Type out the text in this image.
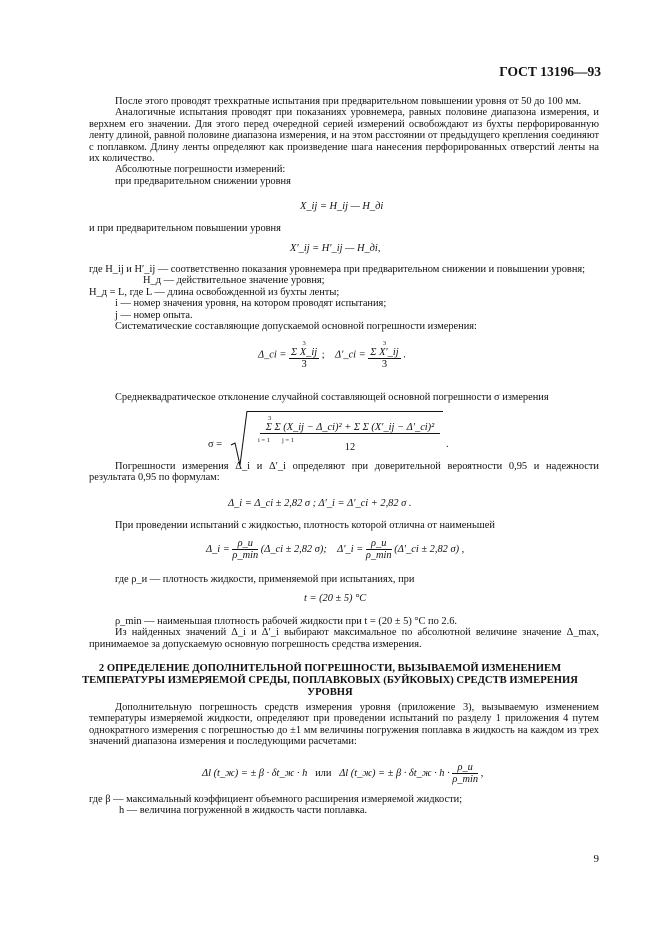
ГОСТ 13196—93

После этого проводят трехкратные испытания при предварительном повышении уровня от 50 до 100 мм.

Аналогичные испытания проводят при показаниях уровнемера, равных половине диапазона измерения, и верхнем его значении. Для этого перед очередной серией измерений освобождают из бухты перфорированную ленту длиной, равной половине диапазона измерения, и на этом расстоянии от предыдущего крепления соединяют с поплавком. Длину ленты определяют как произведение шага нанесения перфорированных отверстий ленты на их количество.

Абсолютные погрешности измерений:

при предварительном снижении уровня

X_ij = H_ij — H_дi

и при предварительном повышении уровня

X′_ij = H′_ij — H_дi,

где H_ij и H′_ij — соответственно показания уровнемера при предварительном снижении и повышении уровня;

H_д — действительное значение уровня;

H_д = L, где L — длина освобожденной из бухты ленты;

i — номер значения уровня, на котором проводят испытания;

j — номер опыта.

Систематические составляющие допускаемой основной погрешности измерения:

Δ_ci =
3
Σ X_ij
3
; Δ′_ci =
3
Σ X′_ij
3
.

Среднеквадратическое отклонение случайной составляющей основной погрешности σ измерения

σ =
3
Σ Σ (X_ij − Δ_ci)² + Σ Σ (X′_ij − Δ′_ci)²
i = 1 j = 1
12	.

Погрешности измерения Δ_i и Δ′_i определяют при доверительной вероятности 0,95 и надежности результата 0,95 по формулам:

Δ_i = Δ_ci ± 2,82 σ ; Δ′_i = Δ′_ci + 2,82 σ .

При проведении испытаний с жидкостью, плотность которой отлична от наименьшей

Δ_i = $\frac{\rho\_и}{\rho\_\min}$ (Δ_ci ± 2,82 σ); Δ′_i = $\frac{\rho\_и}{\rho\_\min}$ (Δ′_ci ± 2,82 σ) ,

где ρ_и — плотность жидкости, применяемой при испытаниях, при

t = (20 ± 5) °C

ρ_min — наименьшая плотность рабочей жидкости при t = (20 ± 5) °C по 2.6.

Из найденных значений Δ_i и Δ′_i выбирают максимальное по абсолютной величине значение Δ_max, принимаемое за допускаемую основную погрешность средства измерения.

2 ОПРЕДЕЛЕНИЕ ДОПОЛНИТЕЛЬНОЙ ПОГРЕШНОСТИ, ВЫЗЫВАЕМОЙ ИЗМЕНЕНИЕМ ТЕМПЕРАТУРЫ ИЗМЕРЯЕМОЙ СРЕДЫ, ПОПЛАВКОВЫХ (БУЙКОВЫХ) СРЕДСТВ ИЗМЕРЕНИЯ УРОВНЯ

Дополнительную погрешность средств измерения уровня (приложение 3), вызываемую изменением температуры измеряемой жидкости, определяют при проведении испытаний по разделу 1 приложения 4 путем однократного измерения с погрешностью до ±1 мм величины погружения поплавка в жидкость на каждом из трех значений диапазона измерения и последующими расчетами:

Δl (t_ж) = ± β · δt_ж · h или Δl (t_ж) = ± β · δt_ж · $h \cdot \frac{\rho\_и}{\rho\_\min}$ ,

где β — максимальный коэффициент объемного расширения измеряемой жидкости;

h — величина погруженной в жидкость части поплавка.

9
